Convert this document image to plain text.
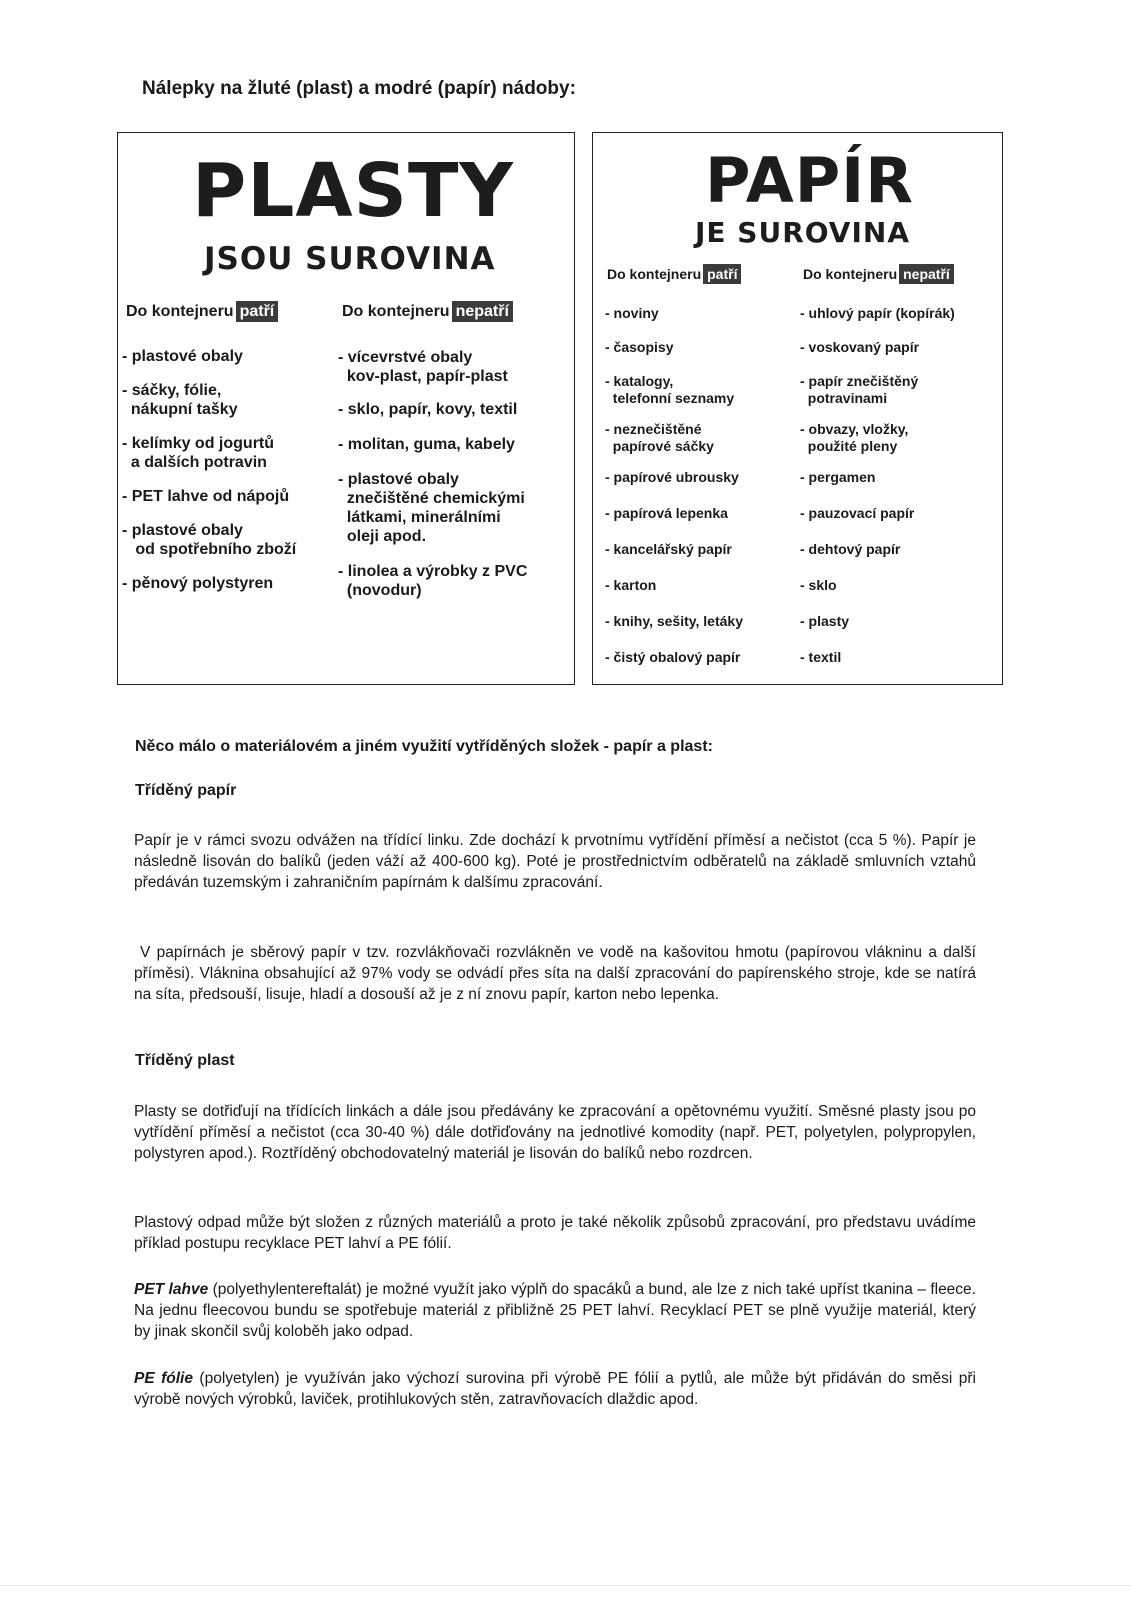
Nálepky na žluté (plast) a modré (papír) nádoby:
PLASTY
JSOU SUROVINA
Do kontejneru patří	Do kontejneru nepatří
- plastové obaly
- sáčky, fólie,
nákupní tašky
- kelímky od jogurtů
a dalších potravin
- PET lahve od nápojů
- plastové obaly
od spotřebního zboží
- pěnový polystyren
- vícevrstvé obaly
kov-plast, papír-plast
- sklo, papír, kovy, textil
- molitan, guma, kabely
- plastové obaly
znečištěné chemickými
látkami, minerálními
oleji apod.
- linolea a výrobky z PVC
(novodur)
PAPÍR
JE SUROVINA
Do kontejneru patří	Do kontejneru nepatří
- noviny
- časopisy
- katalogy,
telefonní seznamy
- neznečištěné
papírové sáčky
- papírové ubrousky
- papírová lepenka
- kancelářský papír
- karton
- knihy, sešity, letáky
- čistý obalový papír
- uhlový papír (kopírák)
- voskovaný papír
- papír znečištěný
potravinami
- obvazy, vložky,
použité pleny
- pergamen
- pauzovací papír
- dehtový papír
- sklo
- plasty
- textil
Něco málo o materiálovém a jiném využití vytříděných složek - papír a plast:
Tříděný papír

Papír je v rámci svozu odvážen na třídící linku. Zde dochází k prvotnímu vytřídění příměsí a nečistot (cca 5 %). Papír je následně lisován do balíků (jeden váží až 400-600 kg). Poté je prostřednictvím odběratelů na základě smluvních vztahů předáván tuzemským i zahraničním papírnám k dalšímu zpracování.

V papírnách je sběrový papír v tzv. rozvlákňovači rozvlákněn ve vodě na kašovitou hmotu (papírovou vlákninu a další příměsi). Vláknina obsahující až 97% vody se odvádí přes síta na další zpracování do papírenského stroje, kde se natírá na síta, předsouší, lisuje, hladí a dosouší až je z ní znovu papír, karton nebo lepenka.

Tříděný plast

Plasty se dotřiďují na třídících linkách a dále jsou předávány ke zpracování a opětovnému využití. Směsné plasty jsou po vytřídění příměsí a nečistot (cca 30-40 %) dále dotřiďovány na jednotlivé komodity (např. PET, polyetylen, polypropylen, polystyren apod.). Roztříděný obchodovatelný materiál je lisován do balíků nebo rozdrcen.

Plastový odpad může být složen z různých materiálů a proto je také několik způsobů zpracování, pro představu uvádíme příklad postupu recyklace PET lahví a PE fólií.

PET lahve (polyethylentereftalát) je možné využít jako výplň do spacáků a bund, ale lze z nich také upříst tkanina – fleece. Na jednu fleecovou bundu se spotřebuje materiál z přibližně 25 PET lahví. Recyklací PET se plně využije materiál, který by jinak skončil svůj koloběh jako odpad.

PE fólie (polyetylen) je využíván jako výchozí surovina při výrobě PE fólií a pytlů, ale může být přidáván do směsi při výrobě nových výrobků, laviček, protihlukových stěn, zatravňovacích dlaždic apod.
